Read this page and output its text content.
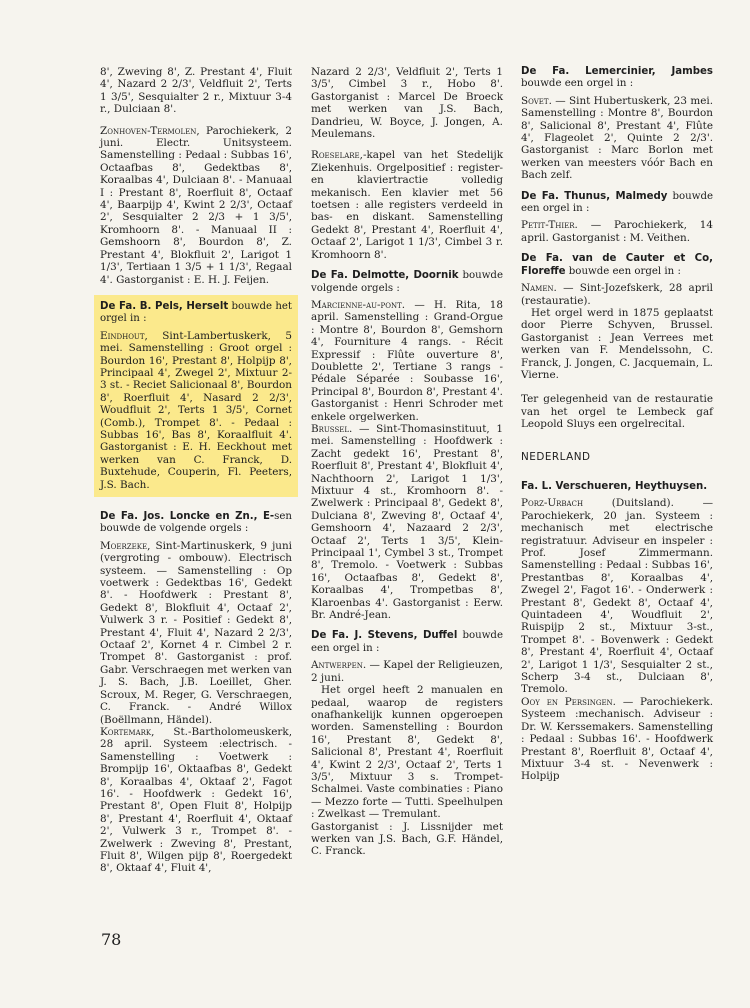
8', Zweving 8', Z. Prestant 4', Fluit 4', Nazard 2 2/3', Veldfluit 2', Terts 1 3/5', Sesquialter 2 r., Mixtuur 3-4 r., Dulciaan 8'.

Zonhoven-Termolen, Parochiekerk, 2 juni. Electr. Unitsysteem. Samenstelling : Pedaal : Subbas 16', Octaafbas 8', Gedektbas 8', Koraalbas 4', Dulciaan 8'. - Manuaal I : Prestant 8', Roerfluit 8', Octaaf 4', Baarpijp 4', Kwint 2 2/3', Octaaf 2', Sesquialter 2 2/3 + 1 3/5', Kromhoorn 8'. - Manuaal II : Gemshoorn 8', Bourdon 8', Z. Prestant 4', Blokfluit 2', Larigot 1 1/3', Tertiaan 1 3/5 + 1 1/3', Regaal 4'. Gastorganist : E. H. J. Feijen.

De Fa. B. Pels, Herselt bouwde het orgel in :

Eindhout, Sint-Lambertuskerk, 5 mei. Samenstelling : Groot orgel : Bourdon 16', Prestant 8', Holpijp 8', Principaal 4', Zwegel 2', Mixtuur 2-3 st. - Reciet Salicionaal 8', Bourdon 8', Roerfluit 4', Nasard 2 2/3', Woudfluit 2', Terts 1 3/5', Cornet (Comb.), Trompet 8'. - Pedaal : Subbas 16', Bas 8', Koraalfluit 4'. Gastorganist : E. H. Eeckhout met werken van C. Franck, D. Buxtehude, Couperin, Fl. Peeters, J.S. Bach.

De Fa. Jos. Loncke en Zn., E-sen bouwde de volgende orgels :

Moerzeke, Sint-Martinuskerk, 9 juni (vergroting - ombouw). Electrisch systeem. — Samenstelling : Op voetwerk : Gedektbas 16', Gedekt 8'. - Hoofdwerk : Prestant 8', Gedekt 8', Blokfluit 4', Octaaf 2', Vulwerk 3 r. - Positief : Gedekt 8', Prestant 4', Fluit 4', Nazard 2 2/3', Octaaf 2', Kornet 4 r. Cimbel 2 r. Trompet 8'. Gastorganist : prof. Gabr. Verschraegen met werken van J. S. Bach, J.B. Loeillet, Gher. Scroux, M. Reger, G. Verschraegen, C. Franck. - André Willox (Boëllmann, Händel).

Kortemark, St.-Bartholomeuskerk, 28 april. Systeem :electrisch. - Samenstelling : Voetwerk : Brompijp 16', Oktaafbas 8', Gedekt 8', Koraalbas 4', Oktaaf 2', Fagot 16'. - Hoofdwerk : Gedekt 16', Prestant 8', Open Fluit 8', Holpijp 8', Prestant 4', Roerfluit 4', Oktaaf 2', Vulwerk 3 r., Trompet 8'. - Zwelwerk : Zweving 8', Prestant, Fluit 8', Wilgen pijp 8', Roergedekt 8', Oktaaf 4', Fluit 4',

Nazard 2 2/3', Veldfluit 2', Terts 1 3/5', Cimbel 3 r., Hobo 8'. Gastorganist : Marcel De Broeck met werken van J.S. Bach, Dandrieu, W. Boyce, J. Jongen, A. Meulemans.

Roeselare,-kapel van het Stedelijk Ziekenhuis. Orgelpositief : register- en klaviertractie volledig mekanisch. Een klavier met 56 toetsen : alle registers verdeeld in bas- en diskant. Samenstelling Gedekt 8', Prestant 4', Roerfluit 4', Octaaf 2', Larigot 1 1/3', Cimbel 3 r. Kromhoorn 8'.

De Fa. Delmotte, Doornik bouwde volgende orgels :

Marcienne-au-pont. — H. Rita, 18 april. Samenstelling : Grand-Orgue : Montre 8', Bourdon 8', Gemshorn 4', Fourniture 4 rangs. - Récit Expressif : Flûte ouverture 8', Doublette 2', Tertiane 3 rangs - Pédale Séparée : Soubasse 16', Principal 8', Bourdon 8', Prestant 4'. Gastorganist : Henri Schroder met enkele orgelwerken.

Brussel. — Sint-Thomasinstituut, 1 mei. Samenstelling : Hoofdwerk : Zacht gedekt 16', Prestant 8', Roerfluit 8', Prestant 4', Blokfluit 4', Nachthoorn 2', Larigot 1 1/3', Mixtuur 4 st., Kromhoorn 8'. - Zwelwerk : Principaal 8', Gedekt 8', Dulciana 8', Zweving 8', Octaaf 4', Gemshoorn 4', Nazaard 2 2/3', Octaaf 2', Terts 1 3/5', Klein-Principaal 1', Cymbel 3 st., Trompet 8', Tremolo. - Voetwerk : Subbas 16', Octaafbas 8', Gedekt 8', Koraalbas 4', Trompetbas 8', Klaroenbas 4'. Gastorganist : Eerw. Br. André-Jean.

De Fa. J. Stevens, Duffel bouwde een orgel in :

Antwerpen. — Kapel der Religieuzen, 2 juni.

Het orgel heeft 2 manualen en pedaal, waarop de registers onafhankelijk kunnen opgeroepen worden. Samenstelling : Bourdon 16', Prestant 8', Gedekt 8', Salicional 8', Prestant 4', Roerfluit 4', Kwint 2 2/3', Octaaf 2', Terts 1 3/5', Mixtuur 3 s. Trompet-Schalmei. Vaste combinaties : Piano — Mezzo forte — Tutti. Speelhulpen : Zwelkast — Tremulant.

Gastorganist : J. Lissnijder met werken van J.S. Bach, G.F. Händel, C. Franck.

De Fa. Lemercinier, Jambes bouwde een orgel in :

Sovet. — Sint Hubertuskerk, 23 mei. Samenstelling : Montre 8', Bourdon 8', Salicional 8', Prestant 4', Flûte 4', Flageolet 2', Quinte 2 2/3'. Gastorganist : Marc Borlon met werken van meesters vóór Bach en Bach zelf.

De Fa. Thunus, Malmedy bouwde een orgel in :

Petit-Thier. — Parochiekerk, 14 april. Gastorganist : M. Veithen.

De Fa. van de Cauter et Co, Floreffe bouwde een orgel in :

Namen. — Sint-Jozefskerk, 28 april (restauratie).

Het orgel werd in 1875 geplaatst door Pierre Schyven, Brussel. Gastorganist : Jean Verrees met werken van F. Mendelssohn, C. Franck, J. Jongen, C. Jacquemain, L. Vierne.

Ter gelegenheid van de restauratie van het orgel te Lembeck gaf Leopold Sluys een orgelrecital.

NEDERLAND
Fa. L. Verschueren, Heythuysen.

Porz-Urbach (Duitsland). — Parochiekerk, 20 jan. Systeem : mechanisch met electrische registratuur. Adviseur en inspeler : Prof. Josef Zimmermann. Samenstelling : Pedaal : Subbas 16', Prestantbas 8', Koraalbas 4', Zwegel 2', Fagot 16'. - Onderwerk : Prestant 8', Gedekt 8', Octaaf 4', Quintadeen 4', Woudfluit 2', Ruispijp 2 st., Mixtuur 3-st., Trompet 8'. - Bovenwerk : Gedekt 8', Prestant 4', Roerfluit 4', Octaaf 2', Larigot 1 1/3', Sesquialter 2 st., Scherp 3-4 st., Dulciaan 8', Tremolo.

Ooy en Persingen. — Parochiekerk. Systeem :mechanisch. Adviseur : Dr. W. Kerssemakers. Samenstelling : Pedaal : Subbas 16'. - Hoofdwerk Prestant 8', Roerfluit 8', Octaaf 4', Mixtuur 3-4 st. - Nevenwerk : Holpijp

78
